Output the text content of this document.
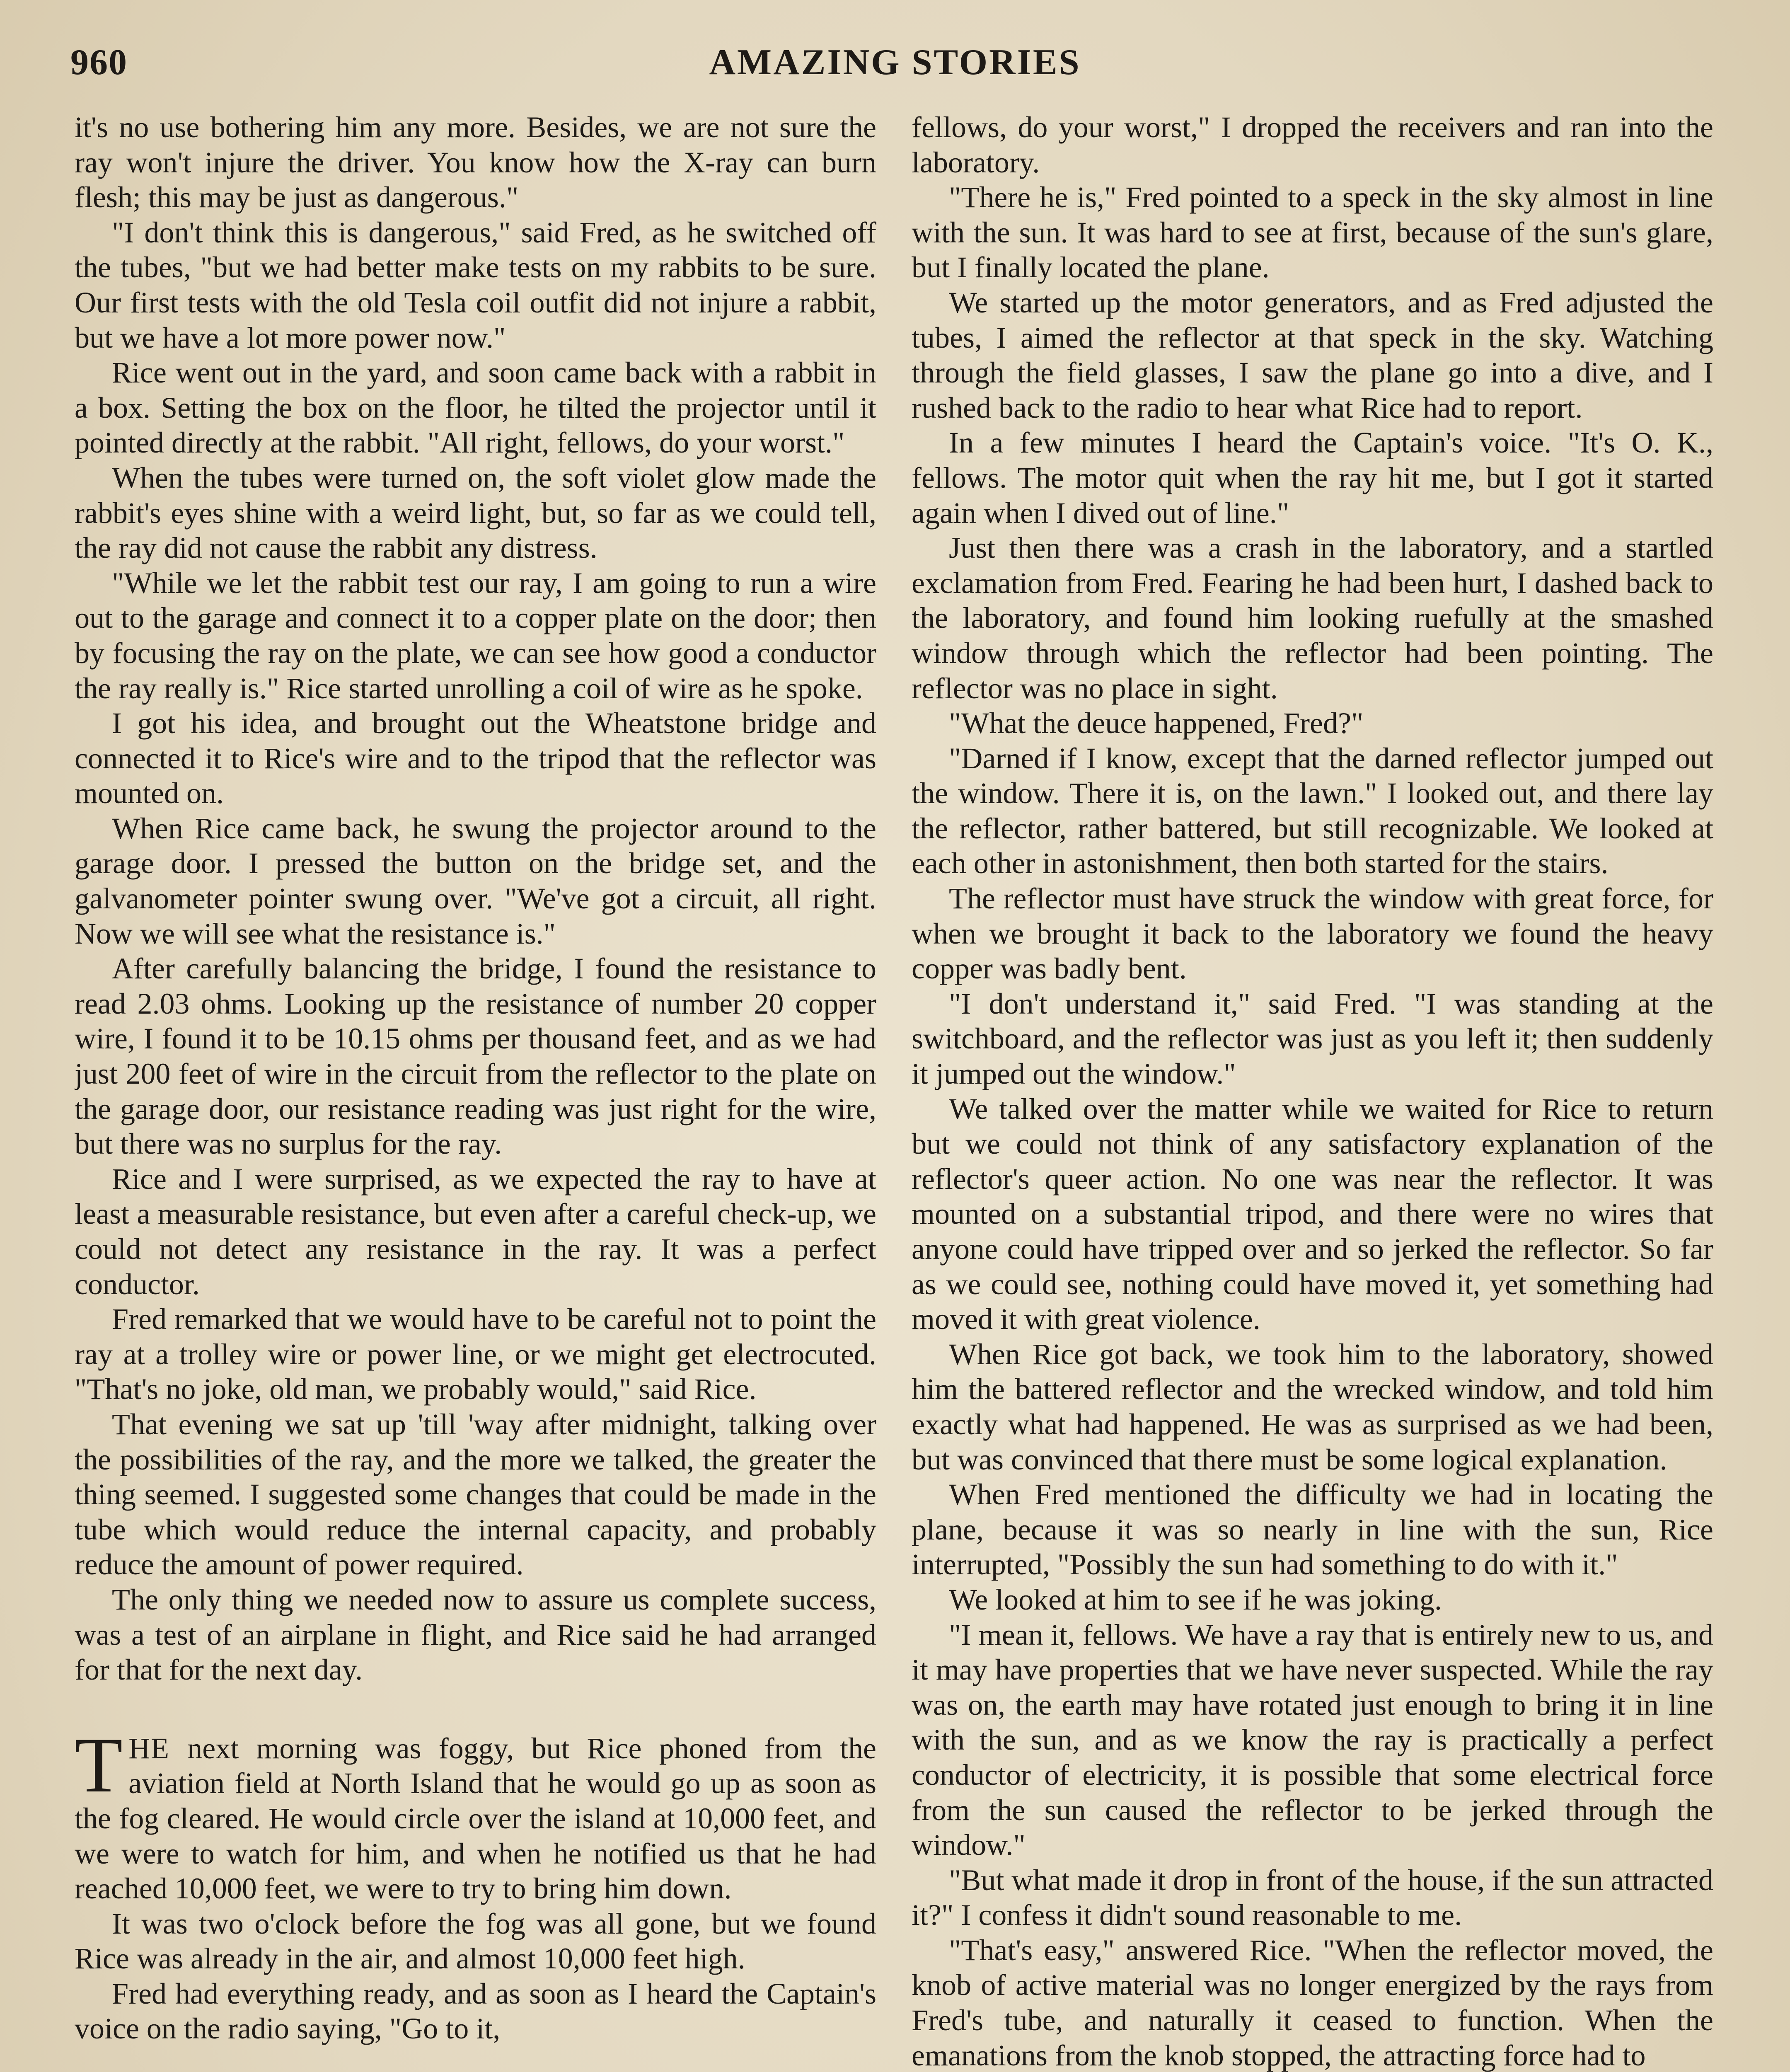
960	AMAZING STORIES

it's no use bothering him any more. Besides, we are not sure the ray won't injure the driver. You know how the X-ray can burn flesh; this may be just as dangerous."

"I don't think this is dangerous," said Fred, as he switched off the tubes, "but we had better make tests on my rabbits to be sure. Our first tests with the old Tesla coil outfit did not injure a rabbit, but we have a lot more power now."

Rice went out in the yard, and soon came back with a rabbit in a box. Setting the box on the floor, he tilted the projector until it pointed directly at the rabbit. "All right, fellows, do your worst."

When the tubes were turned on, the soft violet glow made the rabbit's eyes shine with a weird light, but, so far as we could tell, the ray did not cause the rabbit any distress.

"While we let the rabbit test our ray, I am going to run a wire out to the garage and connect it to a copper plate on the door; then by focusing the ray on the plate, we can see how good a conductor the ray really is." Rice started unrolling a coil of wire as he spoke.

I got his idea, and brought out the Wheatstone bridge and connected it to Rice's wire and to the tripod that the reflector was mounted on.

When Rice came back, he swung the projector around to the garage door. I pressed the button on the bridge set, and the galvanometer pointer swung over. "We've got a circuit, all right. Now we will see what the resistance is."

After carefully balancing the bridge, I found the resistance to read 2.03 ohms. Looking up the resistance of number 20 copper wire, I found it to be 10.15 ohms per thousand feet, and as we had just 200 feet of wire in the circuit from the reflector to the plate on the garage door, our resistance reading was just right for the wire, but there was no surplus for the ray.

Rice and I were surprised, as we expected the ray to have at least a measurable resistance, but even after a careful check-up, we could not detect any resistance in the ray. It was a perfect conductor.

Fred remarked that we would have to be careful not to point the ray at a trolley wire or power line, or we might get electrocuted. "That's no joke, old man, we probably would," said Rice.

That evening we sat up 'till 'way after midnight, talking over the possibilities of the ray, and the more we talked, the greater the thing seemed. I suggested some changes that could be made in the tube which would reduce the internal capacity, and probably reduce the amount of power required.

The only thing we needed now to assure us complete success, was a test of an airplane in flight, and Rice said he had arranged for that for the next day.

THE next morning was foggy, but Rice phoned from the aviation field at North Island that he would go up as soon as the fog cleared. He would circle over the island at 10,000 feet, and we were to watch for him, and when he notified us that he had reached 10,000 feet, we were to try to bring him down.

It was two o'clock before the fog was all gone, but we found Rice was already in the air, and almost 10,000 feet high.

Fred had everything ready, and as soon as I heard the Captain's voice on the radio saying, "Go to it,

fellows, do your worst," I dropped the receivers and ran into the laboratory.

"There he is," Fred pointed to a speck in the sky almost in line with the sun. It was hard to see at first, because of the sun's glare, but I finally located the plane.

We started up the motor generators, and as Fred adjusted the tubes, I aimed the reflector at that speck in the sky. Watching through the field glasses, I saw the plane go into a dive, and I rushed back to the radio to hear what Rice had to report.

In a few minutes I heard the Captain's voice. "It's O. K., fellows. The motor quit when the ray hit me, but I got it started again when I dived out of line."

Just then there was a crash in the laboratory, and a startled exclamation from Fred. Fearing he had been hurt, I dashed back to the laboratory, and found him looking ruefully at the smashed window through which the reflector had been pointing. The reflector was no place in sight.

"What the deuce happened, Fred?"

"Darned if I know, except that the darned reflector jumped out the window. There it is, on the lawn." I looked out, and there lay the reflector, rather battered, but still recognizable. We looked at each other in astonishment, then both started for the stairs.

The reflector must have struck the window with great force, for when we brought it back to the laboratory we found the heavy copper was badly bent.

"I don't understand it," said Fred. "I was standing at the switchboard, and the reflector was just as you left it; then suddenly it jumped out the window."

We talked over the matter while we waited for Rice to return but we could not think of any satisfactory explanation of the reflector's queer action. No one was near the reflector. It was mounted on a substantial tripod, and there were no wires that anyone could have tripped over and so jerked the reflector. So far as we could see, nothing could have moved it, yet something had moved it with great violence.

When Rice got back, we took him to the laboratory, showed him the battered reflector and the wrecked window, and told him exactly what had happened. He was as surprised as we had been, but was convinced that there must be some logical explanation.

When Fred mentioned the difficulty we had in locating the plane, because it was so nearly in line with the sun, Rice interrupted, "Possibly the sun had something to do with it."

We looked at him to see if he was joking.

"I mean it, fellows. We have a ray that is entirely new to us, and it may have properties that we have never suspected. While the ray was on, the earth may have rotated just enough to bring it in line with the sun, and as we know the ray is practically a perfect conductor of electricity, it is possible that some electrical force from the sun caused the reflector to be jerked through the window."

"But what made it drop in front of the house, if the sun attracted it?" I confess it didn't sound reasonable to me.

"That's easy," answered Rice. "When the reflector moved, the knob of active material was no longer energized by the rays from Fred's tube, and naturally it ceased to function. When the emanations from the knob stopped, the attracting force had to
